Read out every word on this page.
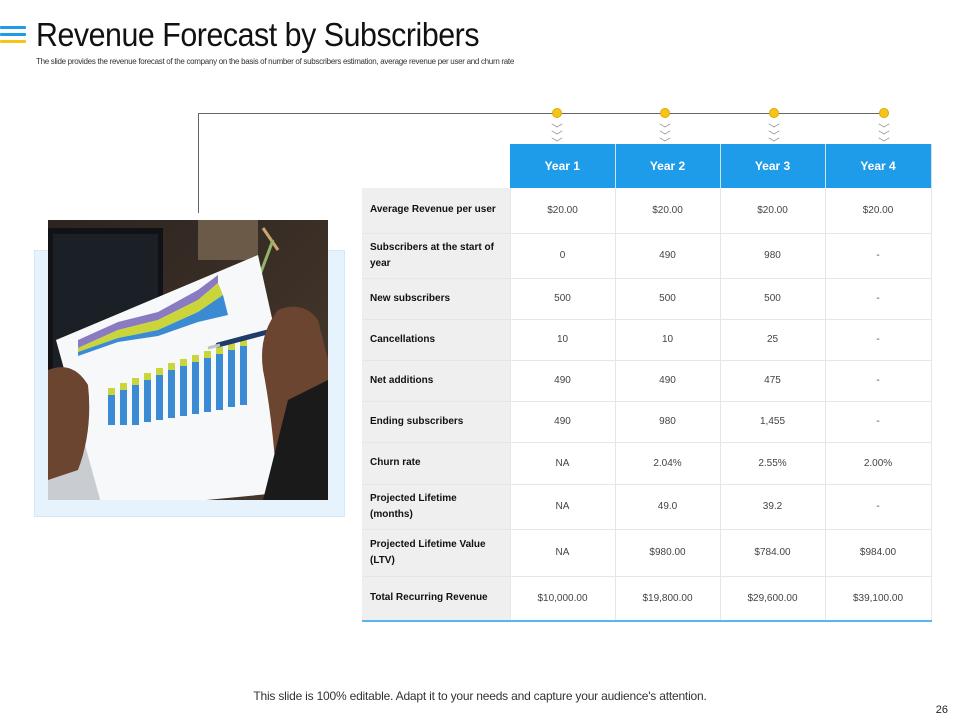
Revenue Forecast by Subscribers
The slide provides the revenue forecast of the company on the basis of number of subscribers estimation, average revenue per user and churn rate
	Year 1	Year 2	Year 3	Year 4
Average Revenue per user	$20.00	$20.00	$20.00	$20.00
Subscribers at the start of year	0	490	980	-
New subscribers	500	500	500	-
Cancellations	10	10	25	-
Net additions	490	490	475	-
Ending subscribers	490	980	1,455	-
Churn rate	NA	2.04%	2.55%	2.00%
Projected Lifetime (months)	NA	49.0	39.2	-
Projected Lifetime Value (LTV)	NA	$980.00	$784.00	$984.00
Total Recurring Revenue	$10,000.00	$19,800.00	$29,600.00	$39,100.00
This slide is 100% editable. Adapt it to your needs and capture your audience's attention.
26
